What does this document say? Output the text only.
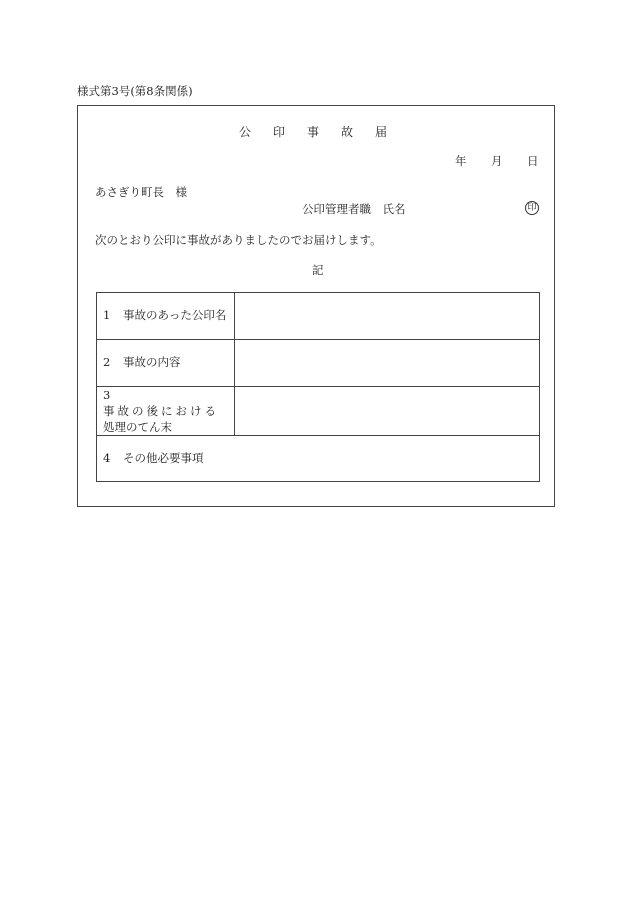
様式第3号(第8条関係)
公 印 事 故 届
年 月 日
あさぎり町長　様
公印管理者職　氏名	印
次のとおり公印に事故がありましたのでお届けします。
記
1 事故のあった公印名	
2 事故の内容	
3事故の後における
処理のてん末	
4 その他必要事項	
